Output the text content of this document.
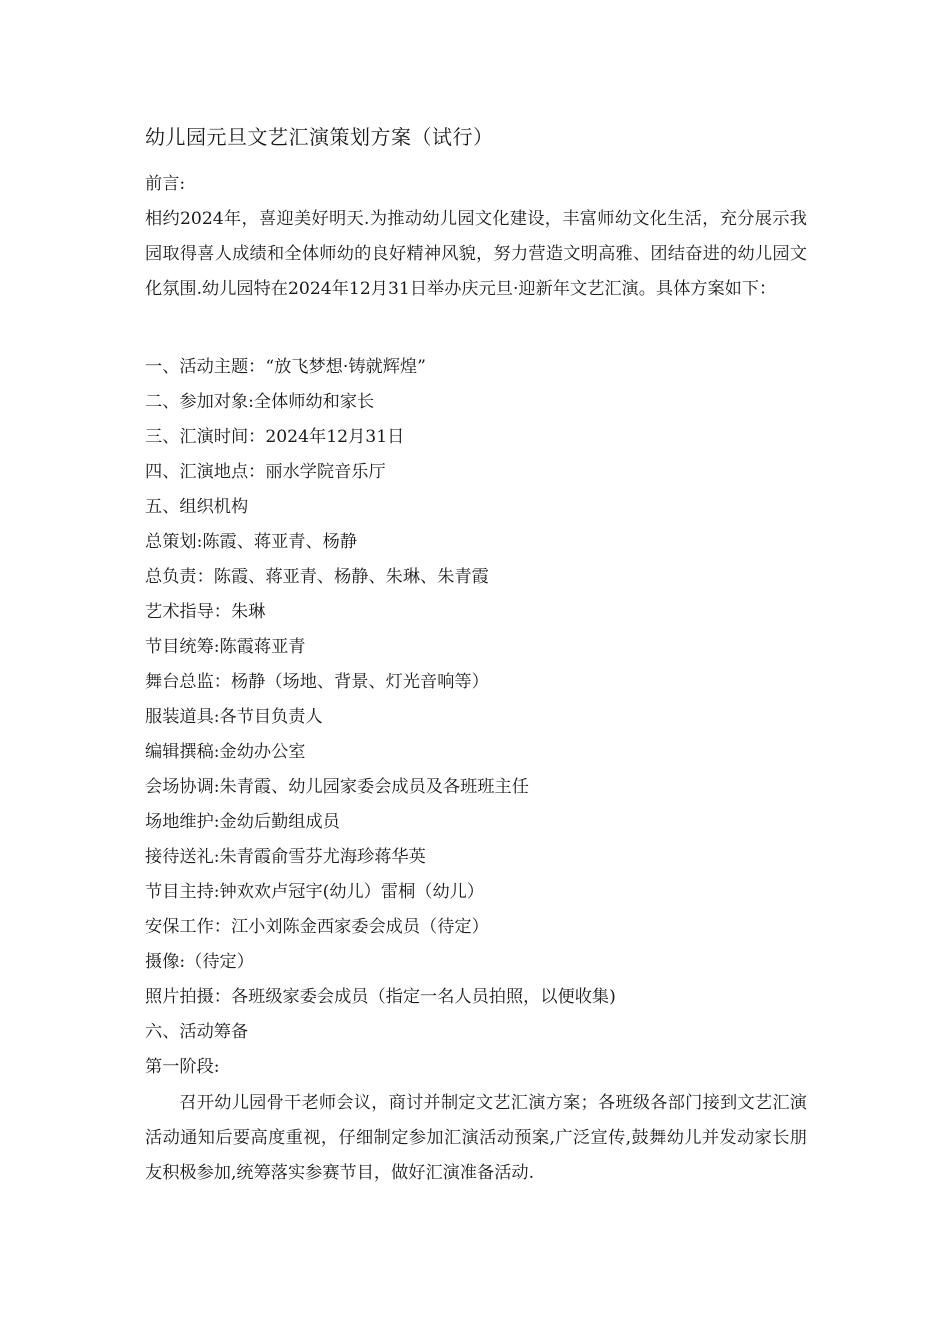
幼儿园元旦文艺汇演策划方案（试行）
前言:
相约2024年，喜迎美好明天.为推动幼儿园文化建设，丰富师幼文化生活，充分展示我园取得喜人成绩和全体师幼的良好精神风貌，努力营造文明高雅、团结奋进的幼儿园文化氛围.幼儿园特在2024年12月31日举办庆元旦·迎新年文艺汇演。具体方案如下：
一、活动主题：“放飞梦想·铸就辉煌”
二、参加对象:全体师幼和家长
三、汇演时间：2024年12月31日
四、汇演地点：丽水学院音乐厅
五、组织机构
总策划:陈霞、蒋亚青、杨静
总负责：陈霞、蒋亚青、杨静、朱琳、朱青霞
艺术指导：朱琳
节目统筹:陈霞蒋亚青
舞台总监：杨静（场地、背景、灯光音响等）
服装道具:各节目负责人
编辑撰稿:金幼办公室
会场协调:朱青霞、幼儿园家委会成员及各班班主任
场地维护:金幼后勤组成员
接待送礼:朱青霞俞雪芬尤海珍蒋华英
节目主持:钟欢欢卢冠宇(幼儿）雷桐（幼儿）
安保工作：江小刘陈金西家委会成员（待定）
摄像:（待定）
照片拍摄：各班级家委会成员（指定一名人员拍照，以便收集)
六、活动筹备
第一阶段:
召开幼儿园骨干老师会议，商讨并制定文艺汇演方案；各班级各部门接到文艺汇演活动通知后要高度重视，仔细制定参加汇演活动预案,广泛宣传,鼓舞幼儿并发动家长朋友积极参加,统筹落实参赛节目，做好汇演准备活动.
